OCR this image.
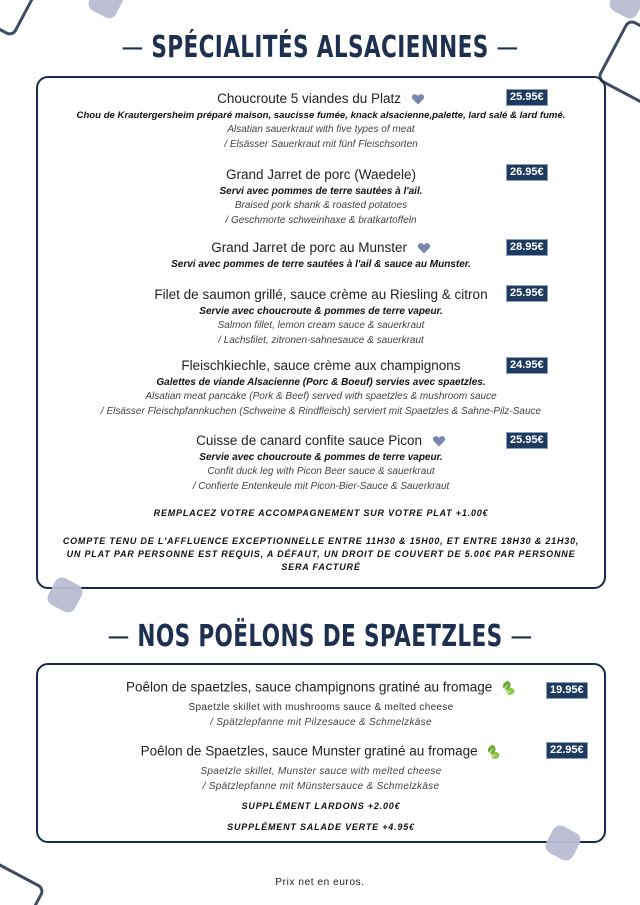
— SPÉCIALITÉS ALSACIENNES —
Choucroute 5 viandes du Platz
Chou de Krautergersheim préparé maison, saucisse fumée, knack alsacienne,palette, lard salé & lard fumé.
Alsatian sauerkraut with five types of meat
/ Elsässer Sauerkraut mit fünf Fleischsorten
25.95€
Grand Jarret de porc (Waedele)
Servi avec pommes de terre sautées à l'ail.
Braised pork shank & roasted potatoes
/ Geschmorte schweinhaxe & bratkartoffeln
26.95€
Grand Jarret de porc au Munster
Servi avec pommes de terre sautées à l'ail & sauce au Munster.
28.95€
Filet de saumon grillé, sauce crème au Riesling & citron
Servie avec choucroute & pommes de terre vapeur.
Salmon fillet, lemon cream sauce & sauerkraut
/ Lachsfilet, zitronen-sahnesauce & sauerkraut
25.95€
Fleischkiechle, sauce crème aux champignons
Galettes de viande Alsacienne (Porc & Boeuf) servies avec spaetzles.
Alsatian meat pancake (Pork & Beef) served with spaetzles & mushroom sauce
/ Elsässer Fleischpfannkuchen (Schweine & Rindfleisch) serviert mit Spaetzles & Sahne-Pilz-Sauce
24.95€
Cuisse de canard confite sauce Picon
Servie avec choucroute & pommes de terre vapeur.
Confit duck leg with Picon Beer sauce & sauerkraut
/ Confierte Entenkeule mit Picon-Bier-Sauce & Sauerkraut
25.95€
REMPLACEZ VOTRE ACCOMPAGNEMENT SUR VOTRE PLAT +1.00€
COMPTE TENU DE L'AFFLUENCE EXCEPTIONNELLE ENTRE 11H30 & 15H00, ET ENTRE 18H30 & 21H30,
UN PLAT PAR PERSONNE EST REQUIS, A DÉFAUT, UN DROIT DE COUVERT DE 5.00€ PAR PERSONNE
SERA FACTURÉ
— NOS POËLONS DE SPAETZLES —
Poêlon de spaetzles, sauce champignons gratiné au fromage
Spaetzle skillet with mushrooms sauce & melted cheese
/ Spätzlepfanne mit Pilzesauce & Schmelzkäse
19.95€
Poêlon de Spaetzles, sauce Munster gratiné au fromage
Spaetzle skillet, Munster sauce with melted cheese
/ Spätzlepfanne mit Münstersauce & Schmelzkäse
22.95€
SUPPLÉMENT LARDONS +2.00€
SUPPLÉMENT SALADE VERTE +4.95€
Prix net en euros.
